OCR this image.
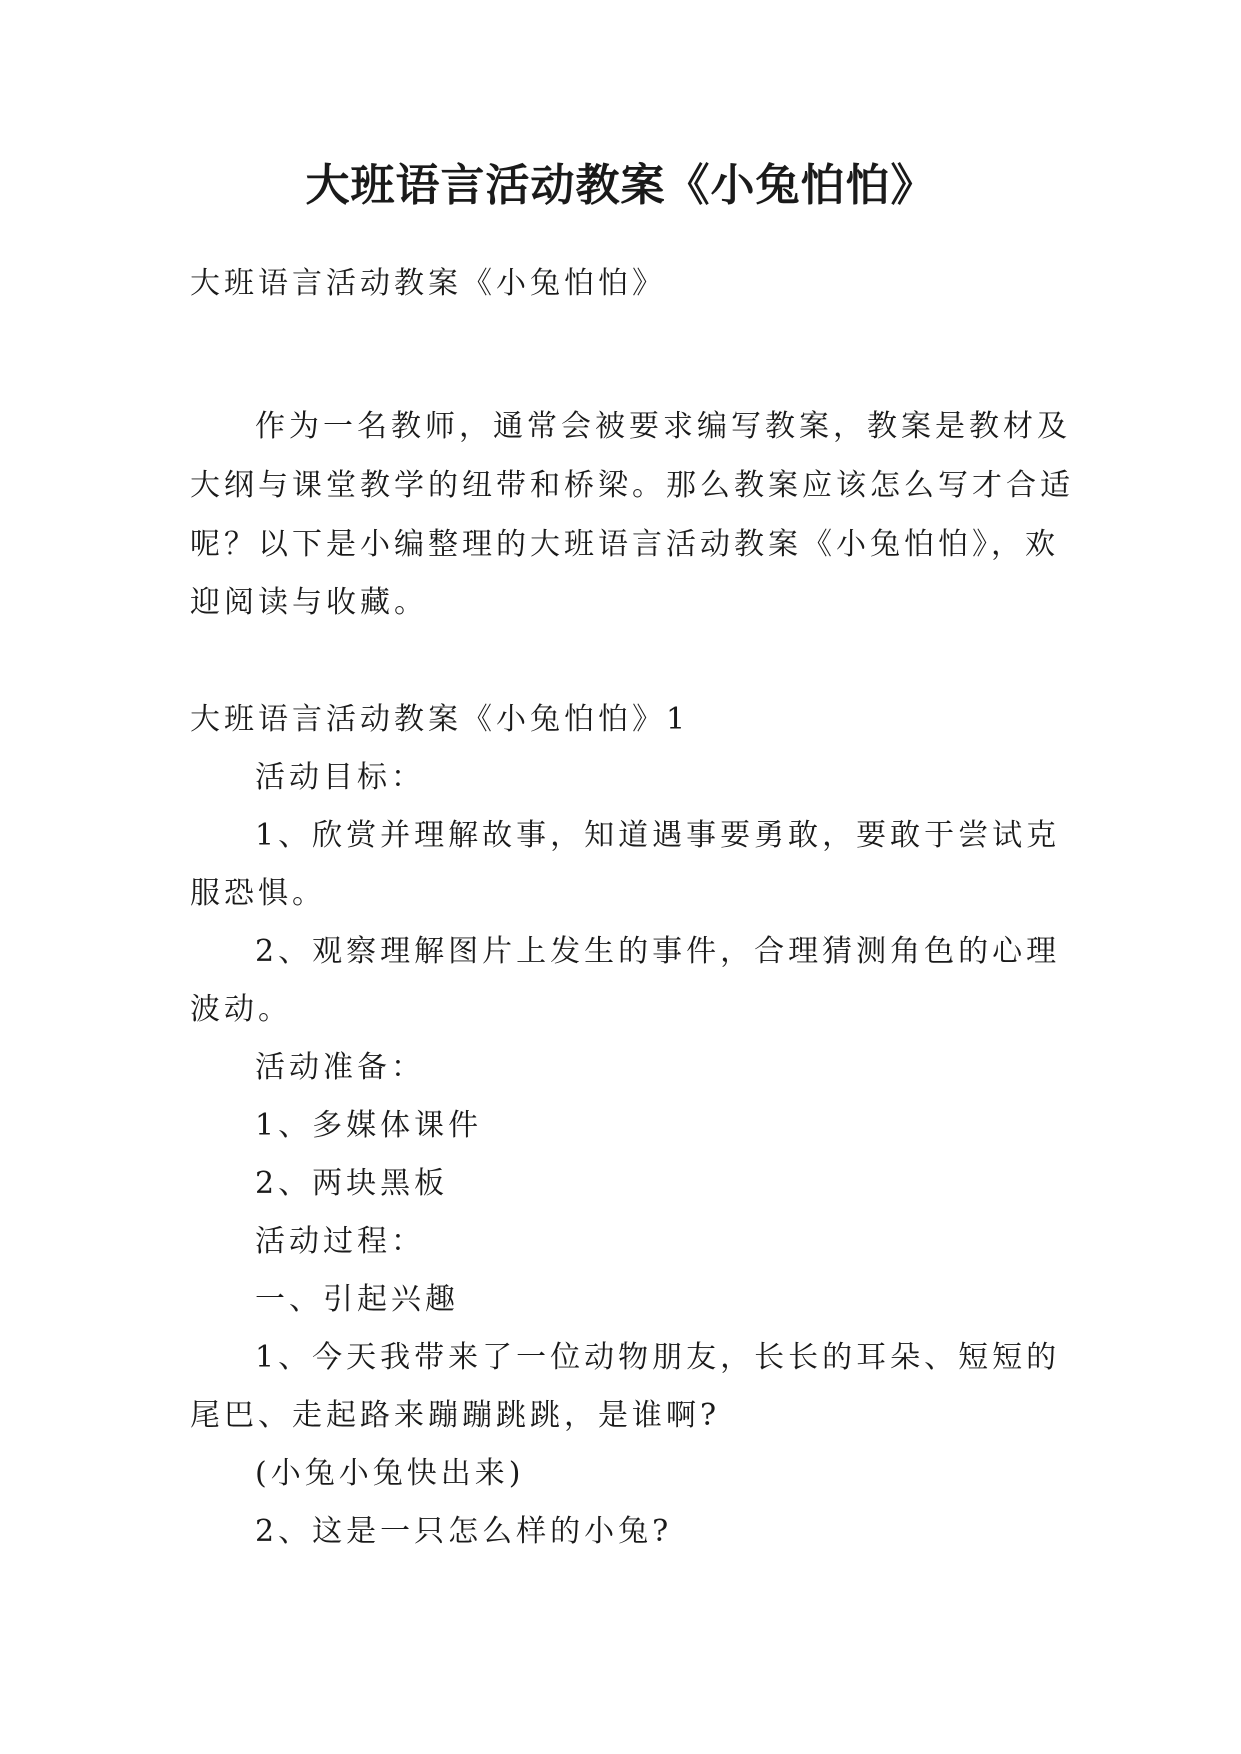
大班语言活动教案《小兔怕怕》
大班语言活动教案《小兔怕怕》
作为一名教师，通常会被要求编写教案，教案是教材及
大纲与课堂教学的纽带和桥梁。那么教案应该怎么写才合适
呢？以下是小编整理的大班语言活动教案《小兔怕怕》，欢
迎阅读与收藏。
大班语言活动教案《小兔怕怕》1
活动目标：
1、欣赏并理解故事，知道遇事要勇敢，要敢于尝试克
服恐惧。
2、观察理解图片上发生的事件，合理猜测角色的心理
波动。
活动准备：
1、多媒体课件
2、两块黑板
活动过程：
一、引起兴趣
1、今天我带来了一位动物朋友，长长的耳朵、短短的
尾巴、走起路来蹦蹦跳跳，是谁啊?
(小兔小兔快出来)
2、这是一只怎么样的小兔?
